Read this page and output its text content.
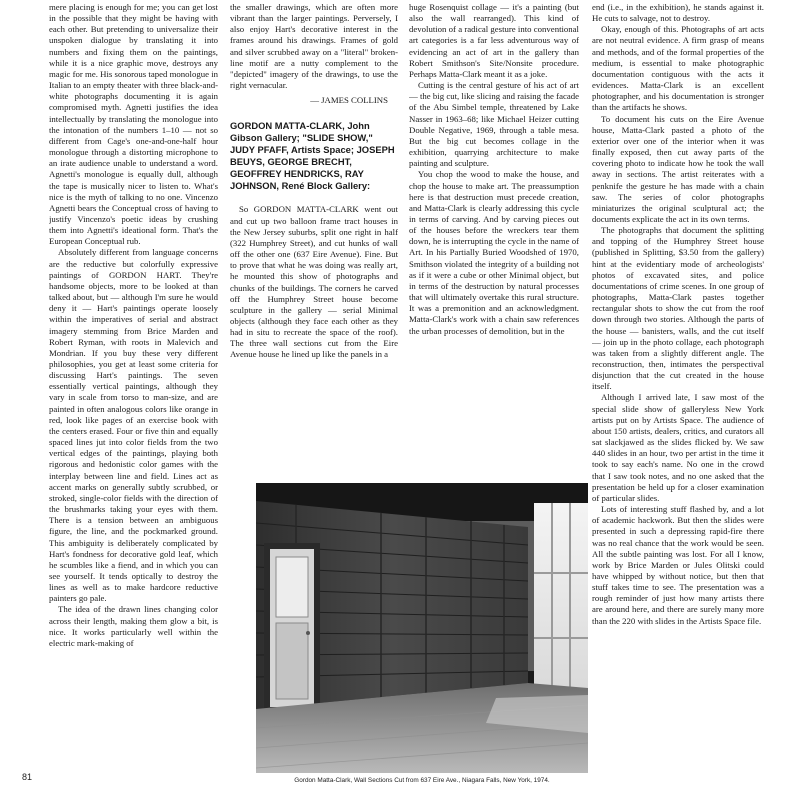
mere placing is enough for me; you can get lost in the possible that they might be having with each other. But pretending to universalize their unspoken dialogue by translating it into numbers and fixing them on the paintings, while it is a nice graphic move, destroys any magic for me. His sonorous taped monologue in Italian to an empty theater with three black-and-white photographs documenting it is again compromised myth. Agnetti justifies the idea intellectually by translating the monologue into the intonation of the numbers 1–10 — not so different from Cage's one-and-one-half hour monologue through a distorting microphone to an irate audience unable to understand a word. Agnetti's monologue is equally dull, although the tape is musically nicer to listen to. What's nice is the myth of talking to no one. Vincenzo Agnetti bears the Conceptual cross of having to justify Vincenzo's poetic ideas by crushing them into Agnetti's ideational form. That's the European Conceptual rub.

Absolutely different from language concerns are the reductive but colorfully expressive paintings of GORDON HART. They're handsome objects, more to be looked at than talked about, but — although I'm sure he would deny it — Hart's paintings operate loosely within the imperatives of serial and abstract imagery stemming from Brice Marden and Robert Ryman, with roots in Malevich and Mondrian. If you buy these very different philosophies, you get at least some criteria for discussing Hart's paintings. The seven essentially vertical paintings, although they vary in scale from torso to man-size, and are painted in often analogous colors like orange in red, look like pages of an exercise book with the centers erased. Four or five thin and equally spaced lines jut into color fields from the two vertical edges of the paintings, playing both rigorous and hedonistic color games with the interplay between line and field. Lines act as accent marks on generally subtly scrubbed, or stroked, single-color fields with the direction of the brushmarks taking your eyes with them. There is a tension between an ambiguous figure, the line, and the pockmarked ground. This ambiguity is deliberately complicated by Hart's fondness for decorative gold leaf, which he scumbles like a fiend, and in which you can see yourself. It tends optically to destroy the lines as well as to make hardcore reductive painters go pale.

The idea of the drawn lines changing color across their length, making them glow a bit, is nice. It works particularly well within the electric mark-making of

the smaller drawings, which are often more vibrant than the larger paintings. Perversely, I also enjoy Hart's decorative interest in the frames around his drawings. Frames of gold and silver scrubbed away on a "literal" broken-line motif are a nutty complement to the "depicted" imagery of the drawings, to use the right vernacular.

— JAMES COLLINS

GORDON MATTA-CLARK, John Gibson Gallery; "SLIDE SHOW," JUDY PFAFF, Artists Space; JOSEPH BEUYS, GEORGE BRECHT, GEOFFREY HENDRICKS, RAY JOHNSON, René Block Gallery:

So GORDON MATTA-CLARK went out and cut up two balloon frame tract houses in the New Jersey suburbs, split one right in half (322 Humphrey Street), and cut hunks of wall off the other one (637 Eire Avenue). Fine. But to prove that what he was doing was really art, he mounted this show of photographs and chunks of the buildings. The corners he carved off the Humphrey Street house become sculpture in the gallery — serial Minimal objects (although they face each other as they had in situ to recreate the space of the roof). The three wall sections cut from the Eire Avenue house he lined up like the panels in a

huge Rosenquist collage — it's a painting (but also the wall rearranged). This kind of devolution of a radical gesture into conventional art categories is a far less adventurous way of evidencing an act of art in the gallery than Robert Smithson's Site/Nonsite procedure. Perhaps Matta-Clark meant it as a joke.

Cutting is the central gesture of his act of art — the big cut, like slicing and raising the facade of the Abu Simbel temple, threatened by Lake Nasser in 1963–68; like Michael Heizer cutting Double Negative, 1969, through a table mesa. But the big cut becomes collage in the exhibition, quarrying architecture to make painting and sculpture.

You chop the wood to make the house, and chop the house to make art. The preassumption here is that destruction must precede creation, and Matta-Clark is clearly addressing this cycle in terms of carving. And by carving pieces out of the houses before the wreckers tear them down, he is interrupting the cycle in the name of Art. In his Partially Buried Woodshed of 1970, Smithson violated the integrity of a building not as if it were a cube or other Minimal object, but in terms of the destruction by natural processes that will ultimately overtake this rural structure. It was a premonition and an acknowledgment. Matta-Clark's work with a chain saw references the urban processes of demolition, but in the

end (i.e., in the exhibition), he stands against it. He cuts to salvage, not to destroy.

Okay, enough of this. Photographs of art acts are not neutral evidence. A firm grasp of means and methods, and of the formal properties of the medium, is essential to make photographic documentation contiguous with the acts it evidences. Matta-Clark is an excellent photographer, and his documentation is stronger than the artifacts he shows.

To document his cuts on the Eire Avenue house, Matta-Clark pasted a photo of the exterior over one of the interior when it was finally exposed, then cut away parts of the covering photo to indicate how he took the wall away in sections. The artist reiterates with a penknife the gesture he has made with a chain saw. The series of color photographs miniaturizes the original sculptural act; the documents explicate the act in its own terms.

The photographs that document the splitting and topping of the Humphrey Street house (published in Splitting, $3.50 from the gallery) hint at the evidentiary mode of archeologists' photos of excavated sites, and police documentations of crime scenes. In one group of photographs, Matta-Clark pastes together rectangular shots to show the cut from the roof down through two stories. Although the parts of the house — banisters, walls, and the cut itself — join up in the photo collage, each photograph was taken from a slightly different angle. The reconstruction, then, intimates the perspectival disjunction that the cut created in the house itself.

Although I arrived late, I saw most of the special slide show of galleryless New York artists put on by Artists Space. The audience of about 150 artists, dealers, critics, and curators all sat slackjawed as the slides flicked by. We saw 440 slides in an hour, two per artist in the time it took to say each's name. No one in the crowd that I saw took notes, and no one asked that the presentation be held up for a closer examination of particular slides.

Lots of interesting stuff flashed by, and a lot of academic hackwork. But then the slides were presented in such a depressing rapid-fire there was no real chance that the work would be seen. All the subtle painting was lost. For all I know, work by Brice Marden or Jules Olitski could have whipped by without notice, but then that stuff takes time to see. The presentation was a rough reminder of just how many artists there are around here, and there are surely many more than the 220 with slides in the Artists Space file.

Gordon Matta-Clark, Wall Sections Cut from 637 Eire Ave., Niagara Falls, New York, 1974.
81
